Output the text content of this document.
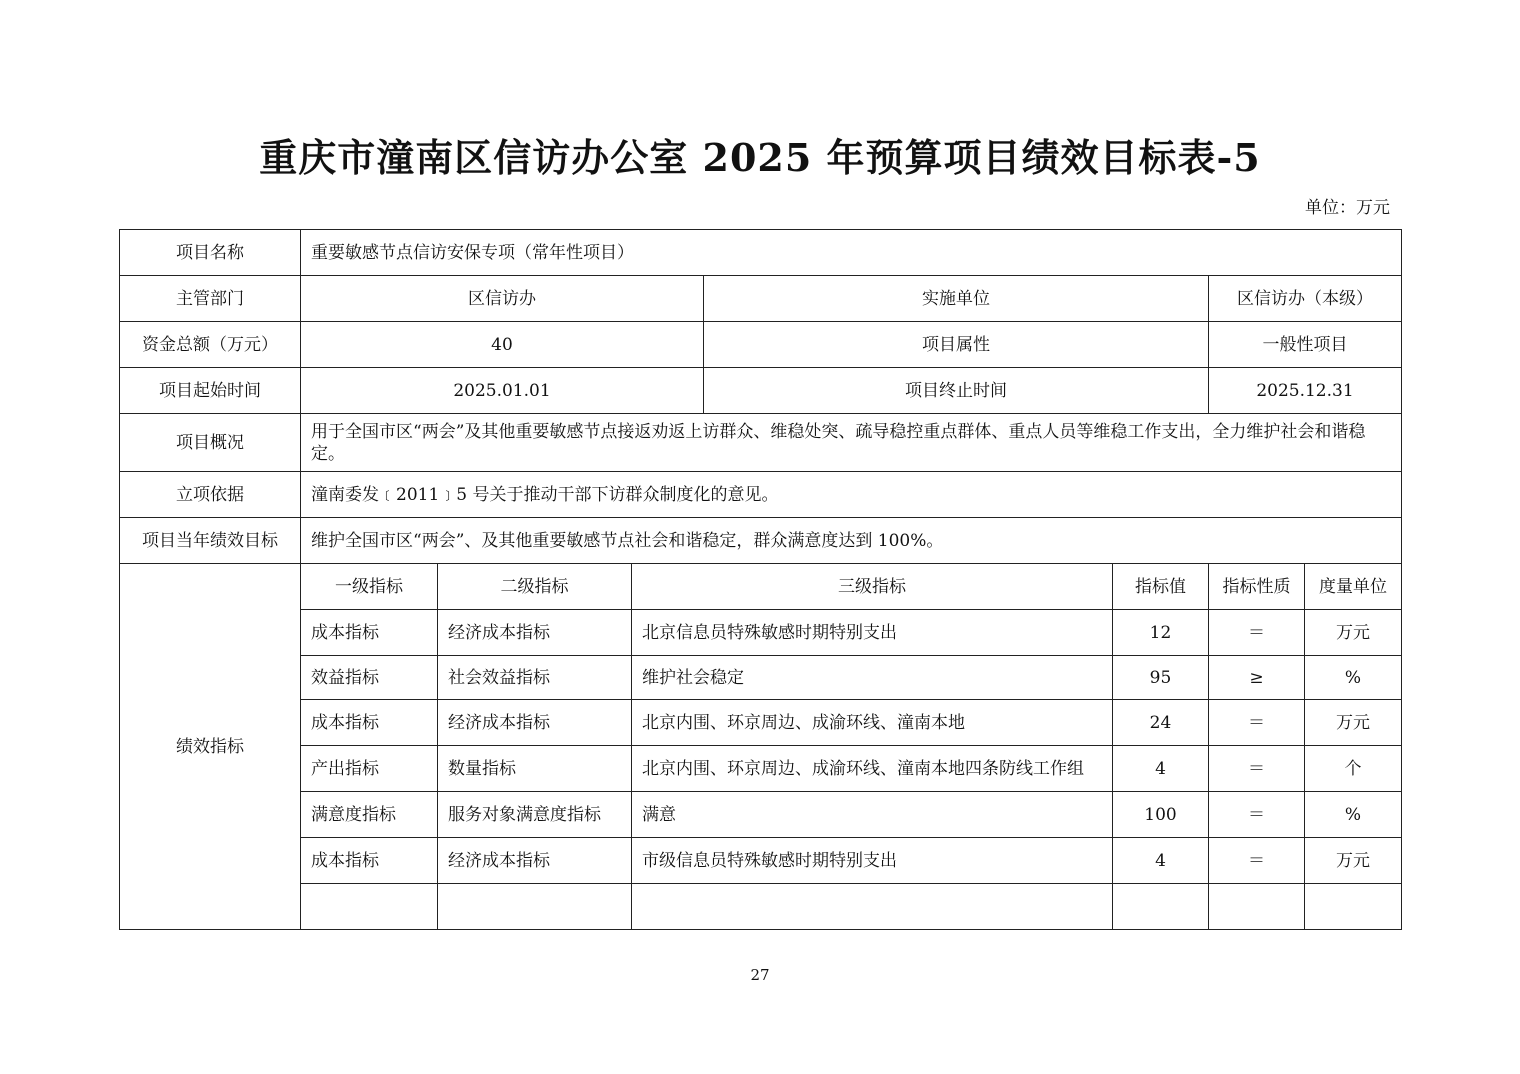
重庆市潼南区信访办公室 2025 年预算项目绩效目标表-5
单位：万元
项目名称	重要敏感节点信访安保专项（常年性项目）						
主管部门	区信访办			实施单位		区信访办（本级）	
资金总额（万元）	40			项目属性		一般性项目	
项目起始时间	2025.01.01			项目终止时间		2025.12.31	
项目概况	用于全国市区“两会”及其他重要敏感节点接返劝返上访群众、维稳处突、疏导稳控重点群体、重点人员等维稳工作支出，全力维护社会和谐稳定。						
立项依据	潼南委发﹝2011﹞5 号关于推动干部下访群众制度化的意见。						
项目当年绩效目标	维护全国市区“两会”、及其他重要敏感节点社会和谐稳定，群众满意度达到 100%。						
绩效指标	一级指标	二级指标	三级指标		指标值	指标性质	度量单位
	成本指标	经济成本指标	北京信息员特殊敏感时期特别支出		12	＝	万元
	效益指标	社会效益指标	维护社会稳定		95	≥	%
	成本指标	经济成本指标	北京内围、环京周边、成渝环线、潼南本地		24	＝	万元
	产出指标	数量指标	北京内围、环京周边、成渝环线、潼南本地四条防线工作组		4	＝	个
	满意度指标	服务对象满意度指标	满意		100	＝	%
	成本指标	经济成本指标	市级信息员特殊敏感时期特别支出		4	＝	万元

27
